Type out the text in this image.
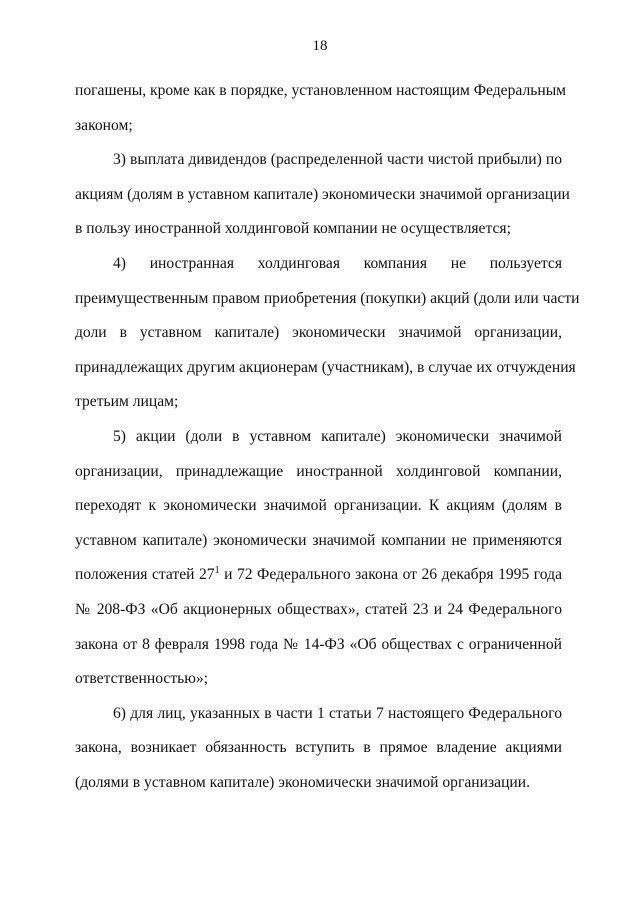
18
погашены, кроме как в порядке, установленном настоящим Федеральным
законом;
3) выплата дивидендов (распределенной части чистой прибыли) по
акциям (долям в уставном капитале) экономически значимой организации
в пользу иностранной холдинговой компании не осуществляется;
4) иностранная холдинговая компания не пользуется
преимущественным правом приобретения (покупки) акций (доли или части
доли в уставном капитале) экономически значимой организации,
принадлежащих другим акционерам (участникам), в случае их отчуждения
третьим лицам;
5) акции (доли в уставном капитале) экономически значимой
организации, принадлежащие иностранной холдинговой компании,
переходят к экономически значимой организации. К акциям (долям в
уставном капитале) экономически значимой компании не применяются
положения статей $27^1$ и 72 Федерального закона от 26 декабря 1995 года
№ 208-ФЗ «Об акционерных обществах», статей 23 и 24 Федерального
закона от 8 февраля 1998 года № 14-ФЗ «Об обществах с ограниченной
ответственностью»;
6) для лиц, указанных в части 1 статьи 7 настоящего Федерального
закона, возникает обязанность вступить в прямое владение акциями
(долями в уставном капитале) экономически значимой организации.
